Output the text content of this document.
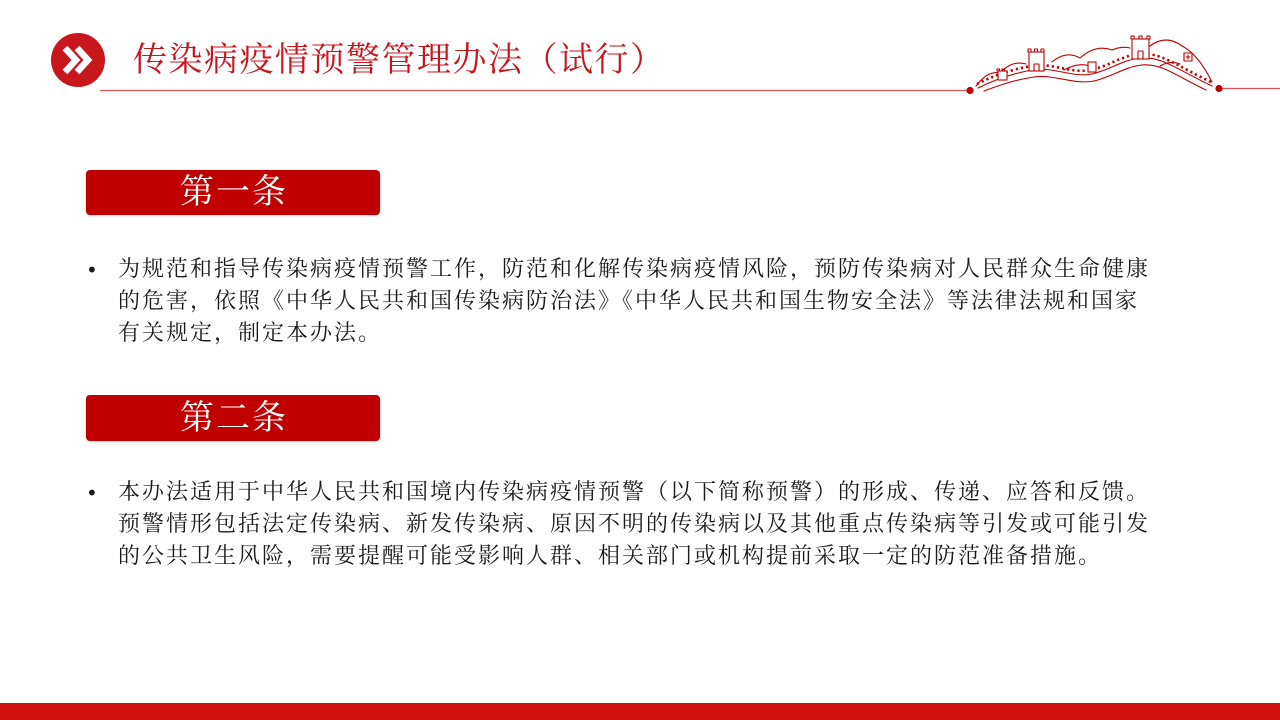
传染病疫情预警管理办法（试行）
第一条
• 为规范和指导传染病疫情预警工作，防范和化解传染病疫情风险，预防传染病对人民群众生命健康
的危害，依照《中华人民共和国传染病防治法》《中华人民共和国生物安全法》等法律法规和国家
有关规定，制定本办法。
第二条
• 本办法适用于中华人民共和国境内传染病疫情预警（以下简称预警）的形成、传递、应答和反馈。
预警情形包括法定传染病、新发传染病、原因不明的传染病以及其他重点传染病等引发或可能引发
的公共卫生风险，需要提醒可能受影响人群、相关部门或机构提前采取一定的防范准备措施。
